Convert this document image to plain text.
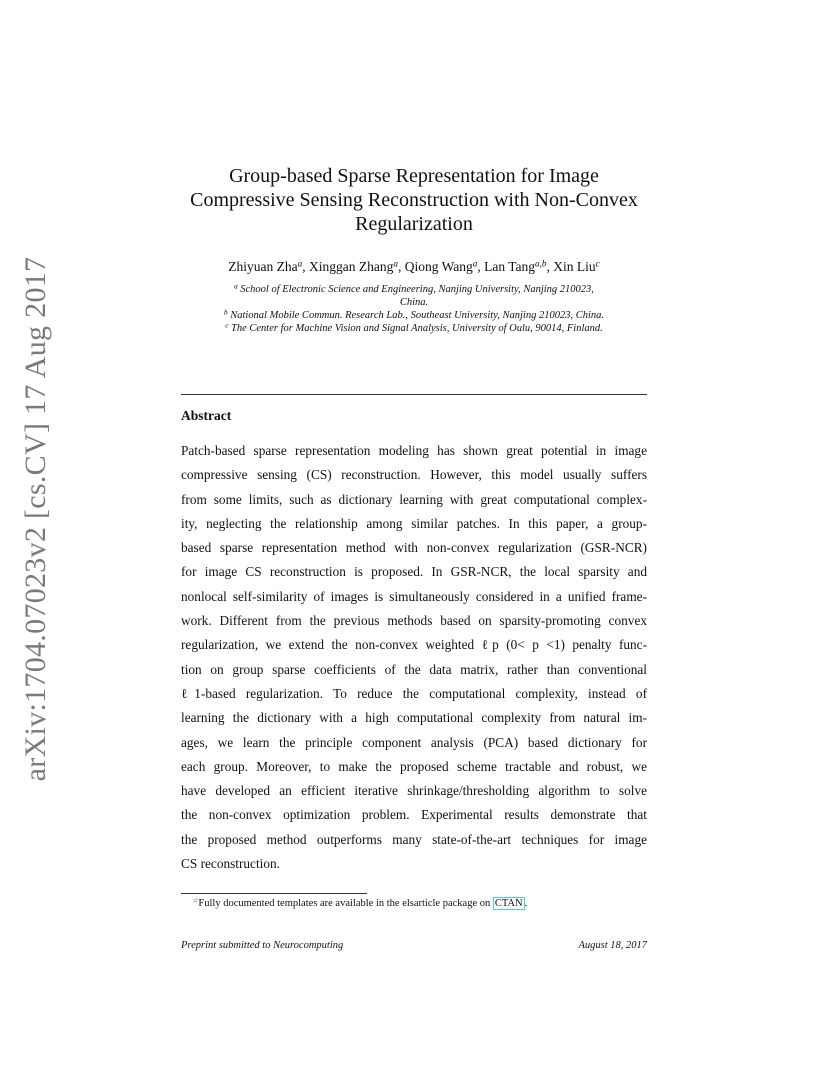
arXiv:1704.07023v2 [cs.CV] 17 Aug 2017
Group-based Sparse Representation for Image
Compressive Sensing Reconstruction with Non-Convex
Regularization
Zhiyuan Zha$^a$, Xinggan Zhang$^a$, Qiong Wang$^a$, Lan Tang$^{a,b}$, Xin Liu$^c$
$^a$ School of Electronic Science and Engineering, Nanjing University, Nanjing 210023,
China.
$^b$ National Mobile Commun. Research Lab., Southeast University, Nanjing 210023, China.
$^c$ The Center for Machine Vision and Signal Analysis, University of Oulu, 90014, Finland.
Abstract
Patch-based sparse representation modeling has shown great potential in image
compressive sensing (CS) reconstruction. However, this model usually suffers
from some limits, such as dictionary learning with great computational complex-
ity, neglecting the relationship among similar patches. In this paper, a group-
based sparse representation method with non-convex regularization (GSR-NCR)
for image CS reconstruction is proposed. In GSR-NCR, the local sparsity and
nonlocal self-similarity of images is simultaneously considered in a unified frame-
work. Different from the previous methods based on sparsity-promoting convex
regularization, we extend the non-convex weighted ℓp (0< p <1) penalty func-
tion on group sparse coefficients of the data matrix, rather than conventional
ℓ1-based regularization. To reduce the computational complexity, instead of
learning the dictionary with a high computational complexity from natural im-
ages, we learn the principle component analysis (PCA) based dictionary for
each group. Moreover, to make the proposed scheme tractable and robust, we
have developed an efficient iterative shrinkage/thresholding algorithm to solve
the non-convex optimization problem. Experimental results demonstrate that
the proposed method outperforms many state-of-the-art techniques for image
CS reconstruction.
☆Fully documented templates are available in the elsarticle package on CTAN .
Preprint submitted to Neurocomputing	August 18, 2017
